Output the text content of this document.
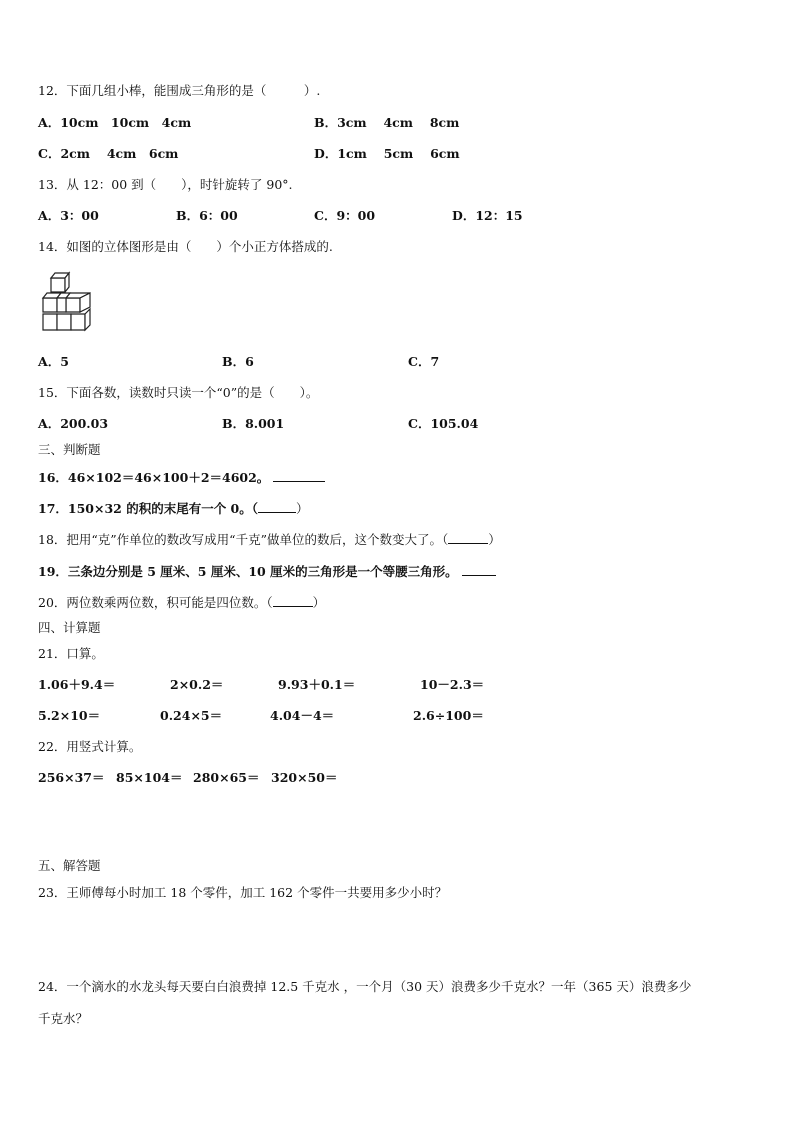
12．下面几组小棒，能围成三角形的是（　　　）.
A．10cm　10cm　4cm	B．3cm　 4cm　 8cm
C．2cm　 4cm　6cm	D．1cm　 5cm　 6cm
13．从 12：00 到（　　），时针旋转了 90°.
A．3：00	B．6：00	C．9：00	D．12：15
14．如图的立体图形是由（　　）个小正方体搭成的.
A．5	B．6	C．7
15．下面各数，读数时只读一个“0”的是（　　）。
A．200.03	B．8.001	C．105.04
三、判断题
16．46×102＝46×100＋2＝4602。
17．150×32 的积的末尾有一个 0。（	）
18．把用“克”作单位的数改写成用“千克”做单位的数后，这个数变大了。（	）
19．三条边分别是 5 厘米、5 厘米、10 厘米的三角形是一个等腰三角形。
20．两位数乘两位数，积可能是四位数。（	）
四、计算题
21．口算。
1.06＋9.4＝	2×0.2＝	9.93＋0.1＝	10－2.3＝
5.2×10＝	0.24×5＝	4.04－4＝	2.6÷100＝
22．用竖式计算。
256×37＝ 85×104＝ 280×65＝ 320×50＝
五、解答题
23．王师傅每小时加工 18 个零件，加工 162 个零件一共要用多少小时？
24．一个滴水的水龙头每天要白白浪费掉 12.5 千克水 ，一个月（30 天）浪费多少千克水？一年（365 天）浪费多少
千克水？
